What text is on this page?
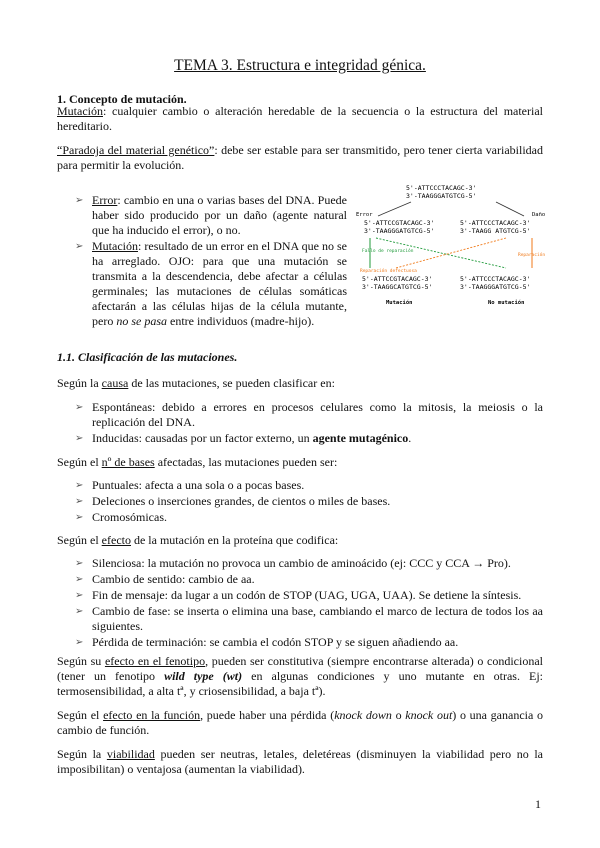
TEMA 3. Estructura e integridad génica.
1. Concepto de mutación.

Mutación: cualquier cambio o alteración heredable de la secuencia o la estructura del material hereditario.

“Paradoja del material genético”: debe ser estable para ser transmitido, pero tener cierta variabilidad para permitir la evolución.

➢ Error: cambio en una o varias bases del DNA. Puede haber sido producido por un daño (agente natural que ha inducido el error), o no.
➢ Mutación: resultado de un error en el DNA que no se ha arreglado. OJO: para que una mutación se transmita a la descendencia, debe afectar a células germinales; las mutaciones de células somáticas afectarán a las células hijas de la célula mutante, pero no se pasa entre individuos (madre-hijo).
5'-ATTCCCTACAGC-3'
3'-TAAGGGATGTCG-5'
Error	Daño
5'-ATTCCGTACAGC-3'
3'-TAAGGGATGTCG-5'
5'-ATTCCCTACAGC-3'
3'-TAAGG ATGTCG-5'
Fallo de reparación
Reparación
Reparación defectuosa
5'-ATTCCGTACAGC-3'
3'-TAAGGCATGTCG-5'
5'-ATTCCCTACAGC-3'
3'-TAAGGGATGTCG-5'
Mutación	No mutación
1.1. Clasificación de las mutaciones.

Según la causa de las mutaciones, se pueden clasificar en:

➢ Espontáneas: debido a errores en procesos celulares como la mitosis, la meiosis o la replicación del DNA.
➢ Inducidas: causadas por un factor externo, un agente mutagénico.

Según el nº de bases afectadas, las mutaciones pueden ser:

➢ Puntuales: afecta a una sola o a pocas bases.
➢ Deleciones o inserciones grandes, de cientos o miles de bases.
➢ Cromosómicas.

Según el efecto de la mutación en la proteína que codifica:

➢ Silenciosa: la mutación no provoca un cambio de aminoácido (ej: CCC y CCA → Pro).
➢ Cambio de sentido: cambio de aa.
➢ Fin de mensaje: da lugar a un codón de STOP (UAG, UGA, UAA). Se detiene la síntesis.
➢ Cambio de fase: se inserta o elimina una base, cambiando el marco de lectura de todos los aa siguientes.
➢ Pérdida de terminación: se cambia el codón STOP y se siguen añadiendo aa.

Según su efecto en el fenotipo, pueden ser constitutiva (siempre encontrarse alterada) o condicional (tener un fenotipo wild type (wt) en algunas condiciones y uno mutante en otras. Ej: termosensibilidad, a alta tª, y criosensibilidad, a baja tª).

Según el efecto en la función, puede haber una pérdida (knock down o knock out) o una ganancia o cambio de función.

Según la viabilidad pueden ser neutras, letales, deletéreas (disminuyen la viabilidad pero no la imposibilitan) o ventajosa (aumentan la viabilidad).

1
